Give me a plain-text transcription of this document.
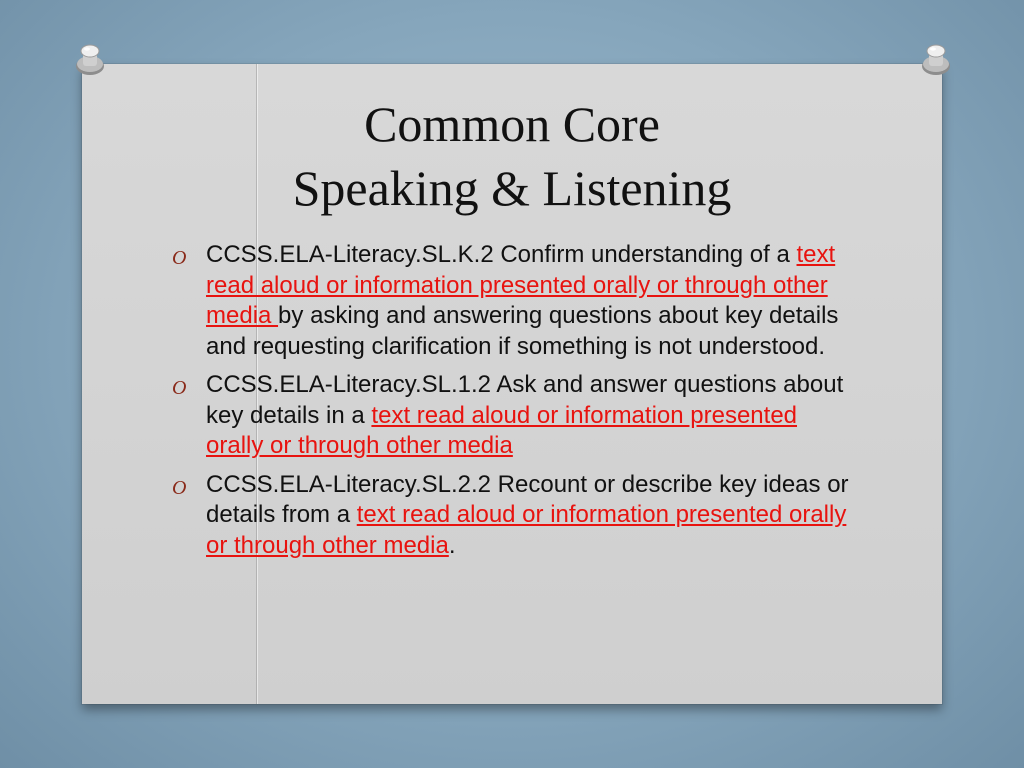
Common Core
Speaking & Listening
O CCSS.ELA-Literacy.SL.K.2 Confirm understanding of a text read aloud or information presented orally or through other media by asking and answering questions about key details and requesting clarification if something is not understood.
O CCSS.ELA-Literacy.SL.1.2 Ask and answer questions about key details in a text read aloud or information presented orally or through other media
O CCSS.ELA-Literacy.SL.2.2 Recount or describe key ideas or details from a text read aloud or information presented orally or through other media.
